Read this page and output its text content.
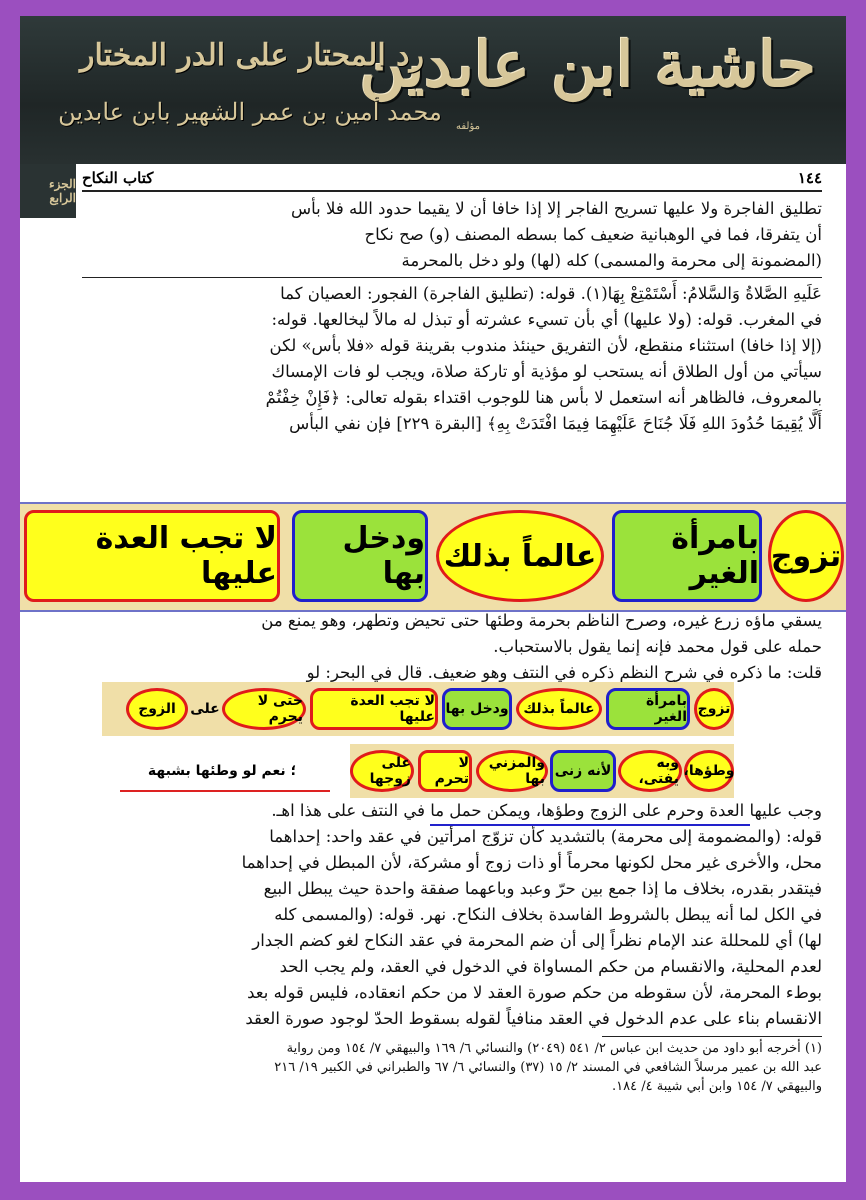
حاشية ابن عابدين
رد المحتار على الدر المختار
محمد أمين بن عمر الشهير بابن عابدين
مؤلفه
الجزء الرابع
١٤٤
كتاب النكاح

تطليق الفاجرة ولا عليها تسريح الفاجر إلا إذا خافا أن لا يقيما حدود الله فلا بأس

أن يتفرقا، فما في الوهبانية ضعيف كما بسطه المصنف (و) صح نكاح

(المضمونة إلى محرمة والمسمى) كله (لها) ولو دخل بالمحرمة

عَلَيهِ الصَّلاةُ وَالسَّلامُ: أَسْتَمْتِعْ بِهَا(١). قوله: (تطليق الفاجرة) الفجور: العصيان كما

في المغرب. قوله: (ولا عليها) أي بأن تسيء عشرته أو تبذل له مالاً ليخالعها. قوله:

(إلا إذا خافا) استثناء منقطع، لأن التفريق حينئذ مندوب بقرينة قوله «فلا بأس» لكن

سيأتي من أول الطلاق أنه يستحب لو مؤذية أو تاركة صلاة، ويجب لو فات الإمساك

بالمعروف، فالظاهر أنه استعمل لا بأس هنا للوجوب اقتداء بقوله تعالى: ﴿فَإِنْ خِفْتُمْ

أَلَّا يُقِيمَا حُدُودَ اللهِ فَلَا جُنَاحَ عَلَيْهِمَا فِيمَا افْتَدَتْ بِهِ﴾ [البقرة ٢٢٩] فإن نفي البأس

تزوج
بامرأة الغير
عالماً بذلك
ودخل بها
لا تجب العدة عليها

يسقي ماؤه زرع غيره، وصرح الناظم بحرمة وطئها حتى تحيض وتطهر، وهو يمنع من

حمله على قول محمد فإنه إنما يقول بالاستحباب.

قلت: ما ذكره في شرح النظم ذكره في النتف وهو ضعيف. قال في البحر: لو

تزوج
بامرأة الغير
عالماً بذلك
ودخل بها
لا تجب العدة عليها
حتى لا يحرم
على
الزوج
وطؤها،
وبه يفتى،
لأنه زنى
والمزني بها
لا تحرم
على زوجها
؛ نعم لو وطئها بشبهة

وجب عليها العدة وحرم على الزوج وطؤها، ويمكن حمل ما في النتف على هذا اهـ.

قوله: (والمضمومة إلى محرمة) بالتشديد كأن تزوّج امرأتين في عقد واحد: إحداهما

محل، والأخرى غير محل لكونها محرماً أو ذات زوج أو مشركة، لأن المبطل في إحداهما

فيتقدر بقدره، بخلاف ما إذا جمع بين حرّ وعبد وباعهما صفقة واحدة حيث يبطل البيع

في الكل لما أنه يبطل بالشروط الفاسدة بخلاف النكاح. نهر. قوله: (والمسمى كله

لها) أي للمحللة عند الإمام نظراً إلى أن ضم المحرمة في عقد النكاح لغو كضم الجدار

لعدم المحلية، والانقسام من حكم المساواة في الدخول في العقد، ولم يجب الحد

بوطء المحرمة، لأن سقوطه من حكم صورة العقد لا من حكم انعقاده، فليس قوله بعد

الانقسام بناء على عدم الدخول في العقد منافياً لقوله بسقوط الحدّ لوجود صورة العقد

(١) أخرجه أبو داود من حديث ابن عباس ٢/ ٥٤١ (٢٠٤٩) والنسائي ٦/ ١٦٩ والبيهقي ٧/ ١٥٤ ومن رواية

عبد الله بن عمير مرسلاً الشافعي في المسند ٢/ ١٥ (٣٧) والنسائي ٦/ ٦٧ والطبراني في الكبير ١٩/ ٢١٦

والبيهقي ٧/ ١٥٤ وابن أبي شيبة ٤/ ١٨٤.
